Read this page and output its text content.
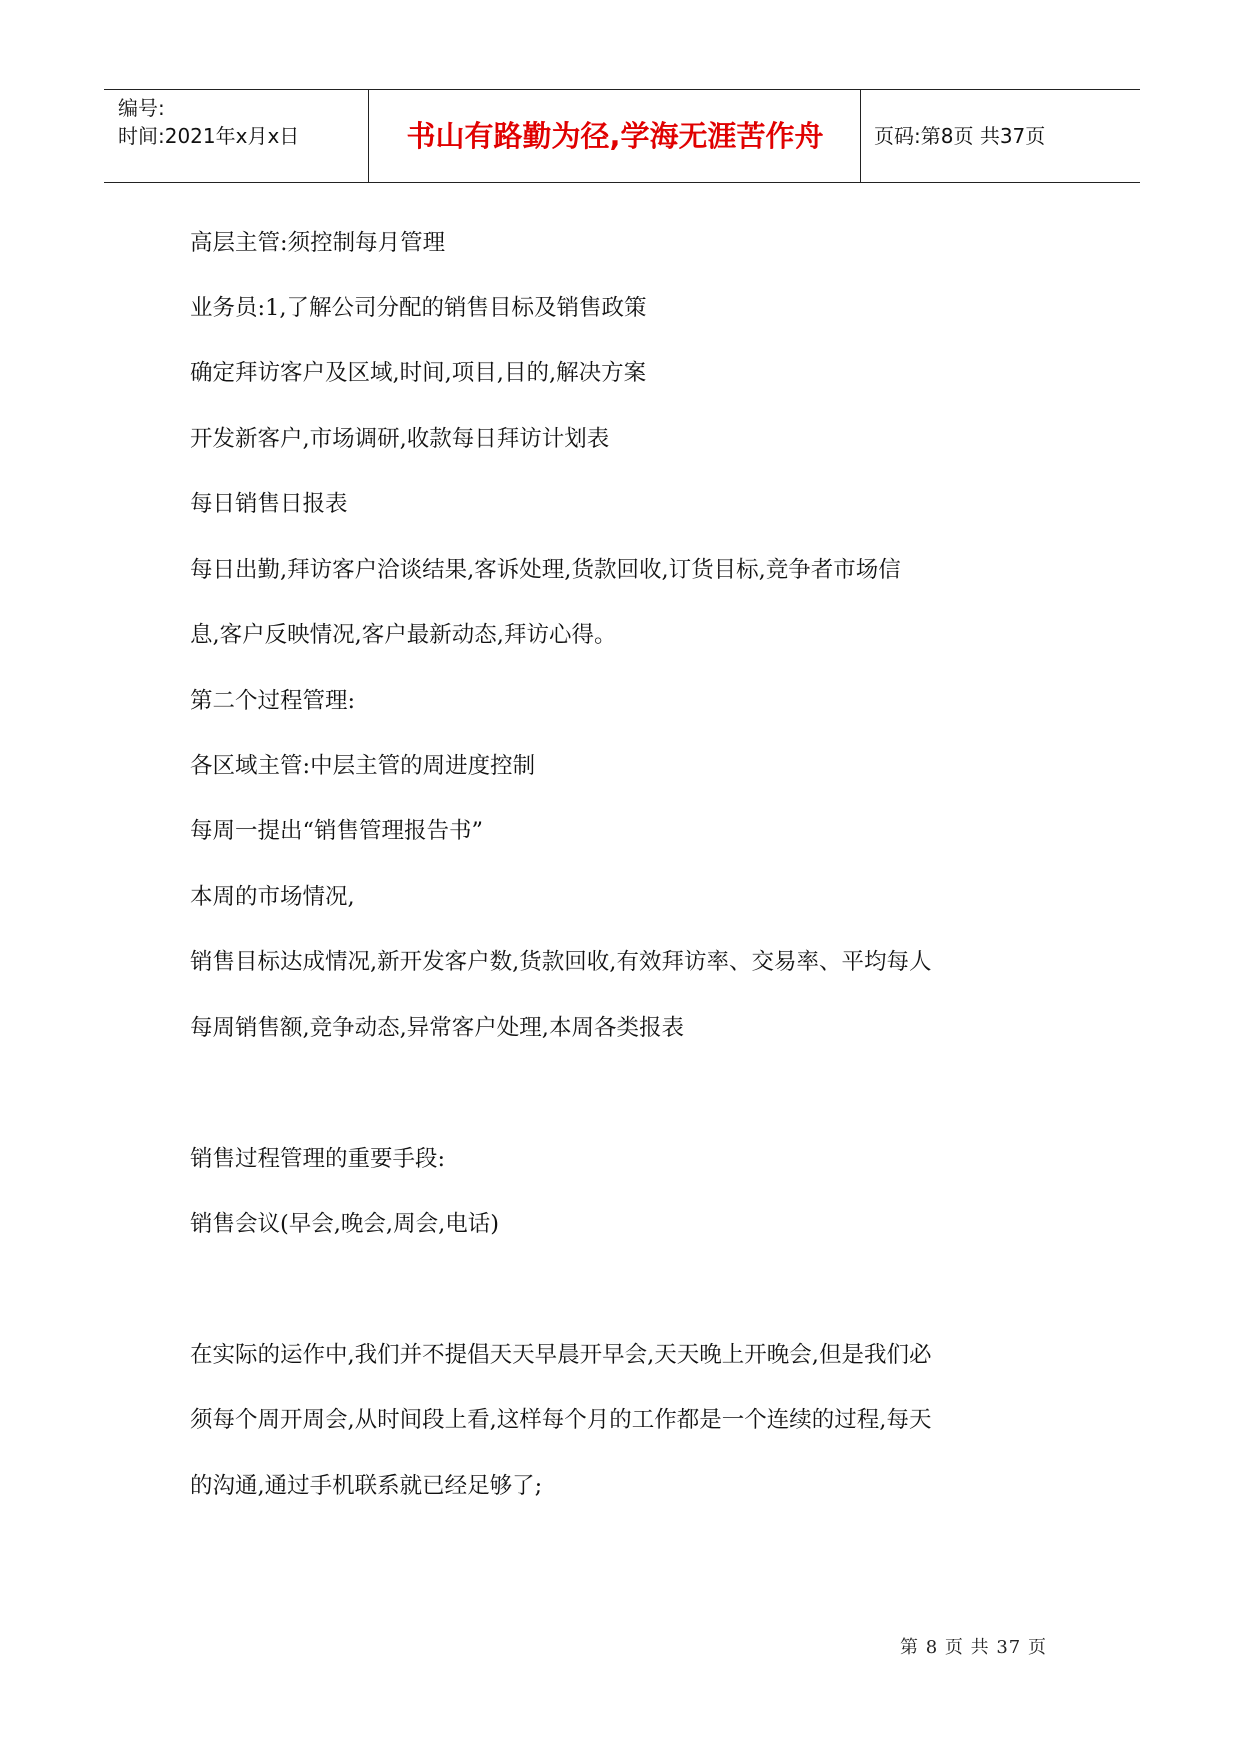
编号:
时间:2021年x月x日	书山有路勤为径,学海无涯苦作舟	页码:第8页 共37页
高层主管:须控制每月管理
业务员:1,了解公司分配的销售目标及销售政策
确定拜访客户及区域,时间,项目,目的,解决方案
开发新客户,市场调研,收款每日拜访计划表
每日销售日报表
每日出勤,拜访客户洽谈结果,客诉处理,货款回收,订货目标,竞争者市场信
息,客户反映情况,客户最新动态,拜访心得。
第二个过程管理:
各区域主管:中层主管的周进度控制
每周一提出“销售管理报告书”
本周的市场情况,
销售目标达成情况,新开发客户数,货款回收,有效拜访率、交易率、平均每人
每周销售额,竞争动态,异常客户处理,本周各类报表
销售过程管理的重要手段:
销售会议(早会,晚会,周会,电话)
在实际的运作中,我们并不提倡天天早晨开早会,天天晚上开晚会,但是我们必
须每个周开周会,从时间段上看,这样每个月的工作都是一个连续的过程,每天
的沟通,通过手机联系就已经足够了;
第 8 页 共 37 页
